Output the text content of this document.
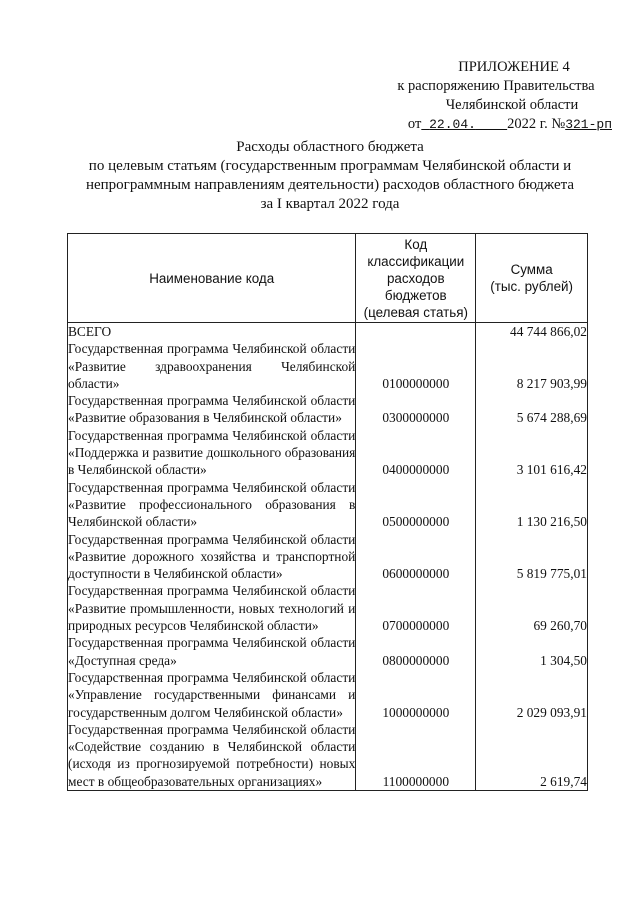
ПРИЛОЖЕНИЕ 4
к распоряжению Правительства
Челябинской области
от 22.04. 2022 г. №321-рп
Расходы областного бюджета
по целевым статьям (государственным программам Челябинской области и
непрограммным направлениям деятельности) расходов областного бюджета
за I квартал 2022 года
Наименование кода	Код
классификации
расходов
бюджетов
(целевая статья)	Сумма
(тыс. рублей)

ВСЕГО		44 744 866,02
Государственная программа Челябинской области «Развитие здравоохранения Челябинской области»	0100000000	8 217 903,99
Государственная программа Челябинской области «Развитие образования в Челябинской области»	0300000000	5 674 288,69
Государственная программа Челябинской области «Поддержка и развитие дошкольного образования в Челябинской области»	0400000000	3 101 616,42
Государственная программа Челябинской области «Развитие профессионального образования в Челябинской области»	0500000000	1 130 216,50
Государственная программа Челябинской области «Развитие дорожного хозяйства и транспортной доступности в Челябинской области»	0600000000	5 819 775,01
Государственная программа Челябинской области «Развитие промышленности, новых технологий и природных ресурсов Челябинской области»	0700000000	69 260,70
Государственная программа Челябинской области «Доступная среда»	0800000000	1 304,50
Государственная программа Челябинской области «Управление государственными финансами и государственным долгом Челябинской области»	1000000000	2 029 093,91
Государственная программа Челябинской области «Содействие созданию в Челябинской области (исходя из прогнозируемой потребности) новых мест в общеобразовательных организациях»	1100000000	2 619,74
